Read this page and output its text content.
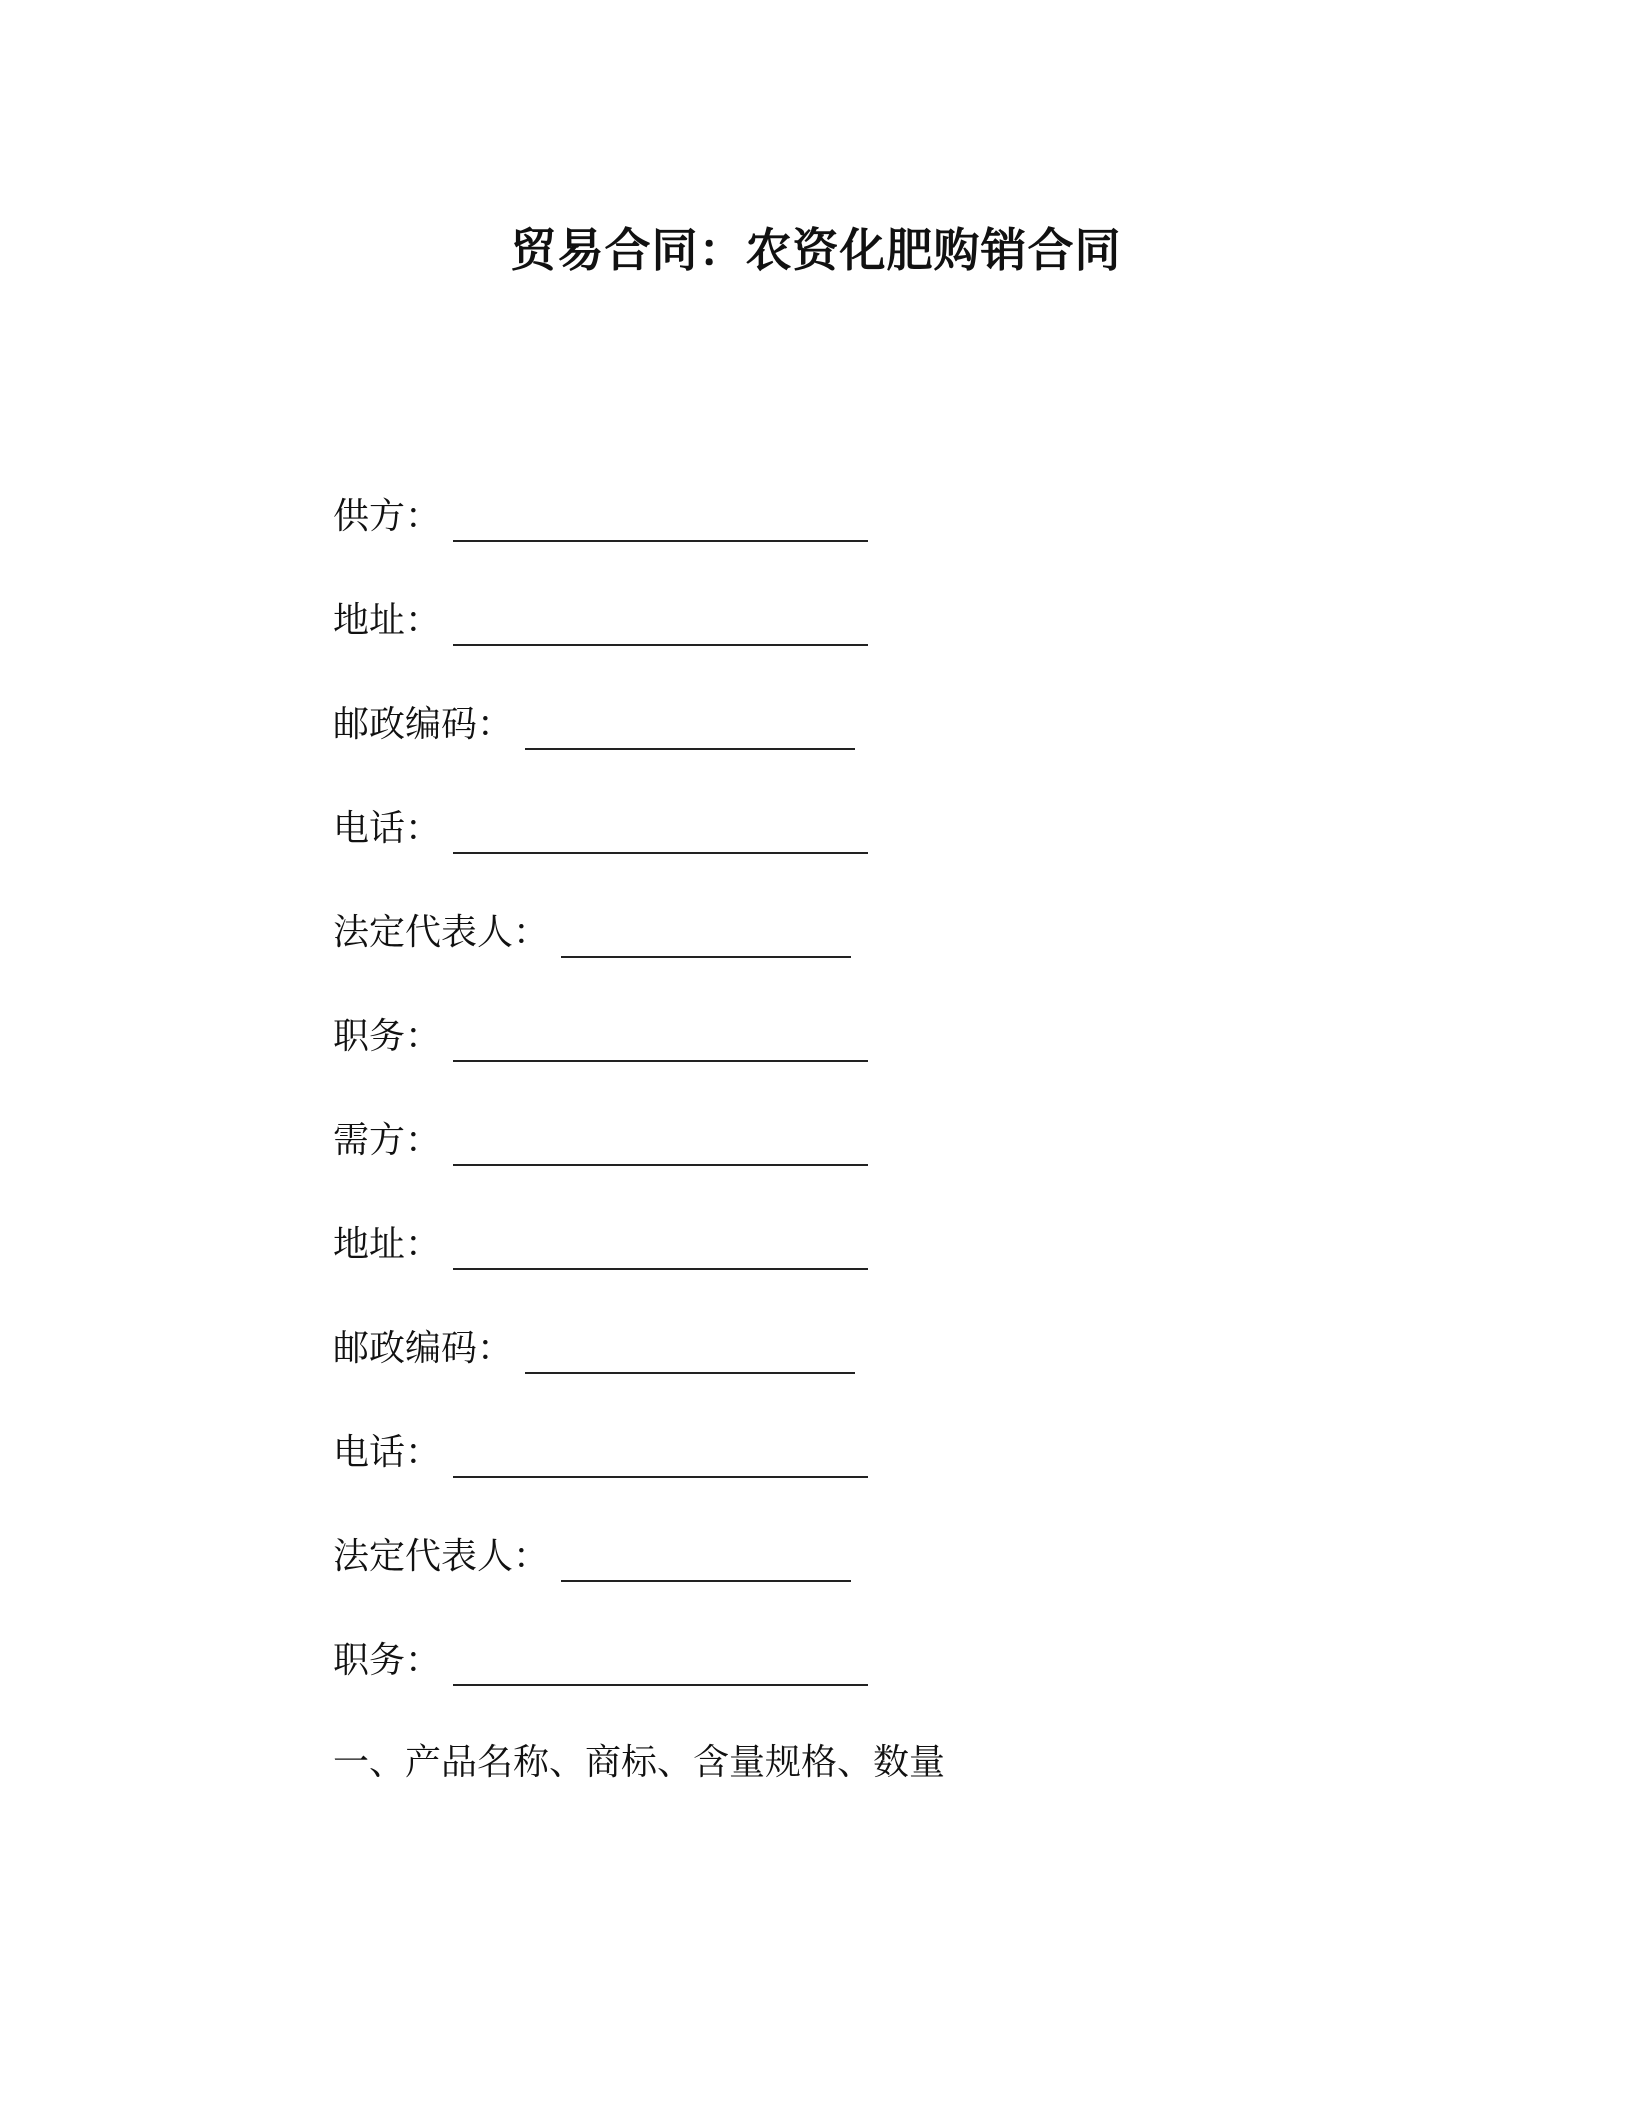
贸易合同：农资化肥购销合同
供方：
地址：
邮政编码：
电话：
法定代表人：
职务：
需方：
地址：
邮政编码：
电话：
法定代表人：
职务：
一、产品名称、商标、含量规格、数量
